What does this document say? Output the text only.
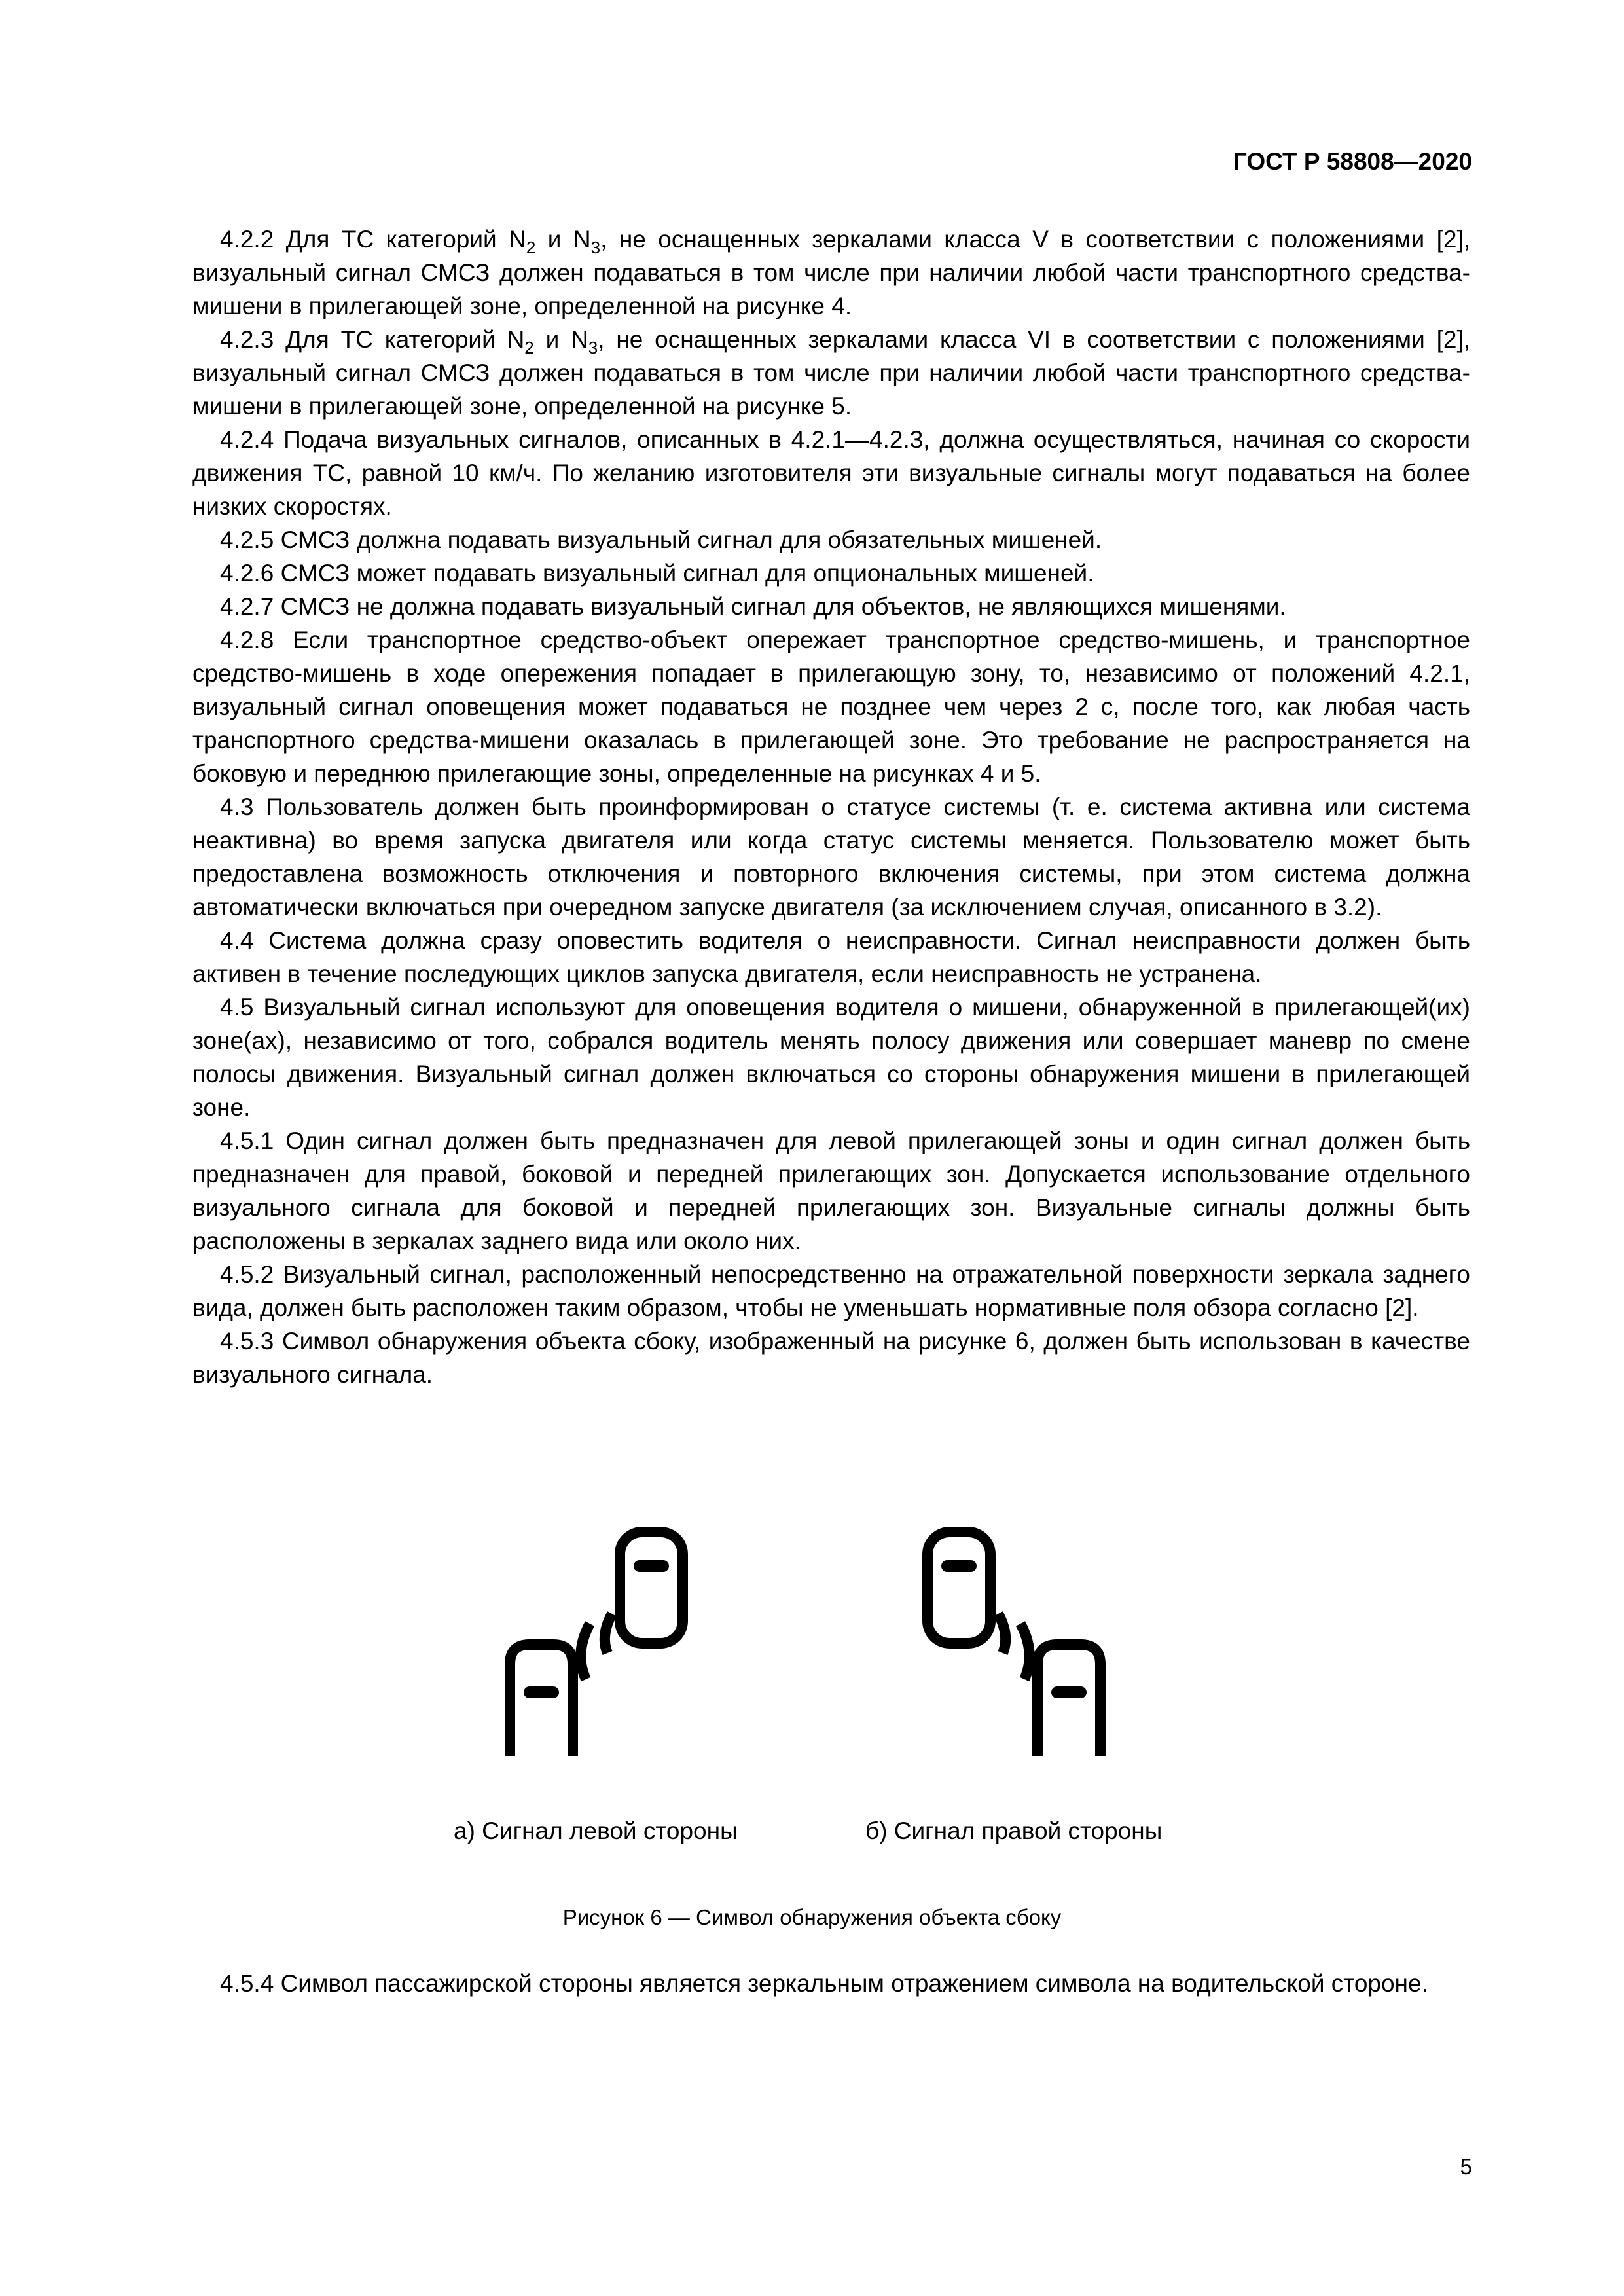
ГОСТ Р 58808—2020

4.2.2 Для ТС категорий $N_2$ и $N_3$, не оснащенных зеркалами класса V в соответствии с положениями [2], визуальный сигнал СМСЗ должен подаваться в том числе при наличии любой части транспортного средства-мишени в прилегающей зоне, определенной на рисунке 4.

4.2.3 Для ТС категорий $N_2$ и $N_3$, не оснащенных зеркалами класса VI в соответствии с положениями [2], визуальный сигнал СМСЗ должен подаваться в том числе при наличии любой части транспортного средства-мишени в прилегающей зоне, определенной на рисунке 5.

4.2.4 Подача визуальных сигналов, описанных в 4.2.1—4.2.3, должна осуществляться, начиная со скорости движения ТС, равной 10 км/ч. По желанию изготовителя эти визуальные сигналы могут подаваться на более низких скоростях.

4.2.5 СМСЗ должна подавать визуальный сигнал для обязательных мишеней.

4.2.6 СМСЗ может подавать визуальный сигнал для опциональных мишеней.

4.2.7 СМСЗ не должна подавать визуальный сигнал для объектов, не являющихся мишенями.

4.2.8 Если транспортное средство-объект опережает транспортное средство-мишень, и транспортное средство-мишень в ходе опережения попадает в прилегающую зону, то, независимо от положений 4.2.1, визуальный сигнал оповещения может подаваться не позднее чем через 2 с, после того, как любая часть транспортного средства-мишени оказалась в прилегающей зоне. Это требование не распространяется на боковую и переднюю прилегающие зоны, определенные на рисунках 4 и 5.

4.3 Пользователь должен быть проинформирован о статусе системы (т. е. система активна или система неактивна) во время запуска двигателя или когда статус системы меняется. Пользователю может быть предоставлена возможность отключения и повторного включения системы, при этом система должна автоматически включаться при очередном запуске двигателя (за исключением случая, описанного в 3.2).

4.4 Система должна сразу оповестить водителя о неисправности. Сигнал неисправности должен быть активен в течение последующих циклов запуска двигателя, если неисправность не устранена.

4.5 Визуальный сигнал используют для оповещения водителя о мишени, обнаруженной в прилегающей(их) зоне(ах), независимо от того, собрался водитель менять полосу движения или совершает маневр по смене полосы движения. Визуальный сигнал должен включаться со стороны обнаружения мишени в прилегающей зоне.

4.5.1 Один сигнал должен быть предназначен для левой прилегающей зоны и один сигнал должен быть предназначен для правой, боковой и передней прилегающих зон. Допускается использование отдельного визуального сигнала для боковой и передней прилегающих зон. Визуальные сигналы должны быть расположены в зеркалах заднего вида или около них.

4.5.2 Визуальный сигнал, расположенный непосредственно на отражательной поверхности зеркала заднего вида, должен быть расположен таким образом, чтобы не уменьшать нормативные поля обзора согласно [2].

4.5.3 Символ обнаружения объекта сбоку, изображенный на рисунке 6, должен быть использован в качестве визуального сигнала.

а) Сигнал левой стороны	б) Сигнал правой стороны
Рисунок 6 — Символ обнаружения объекта сбоку

4.5.4 Символ пассажирской стороны является зеркальным отражением символа на водительской стороне.

5
